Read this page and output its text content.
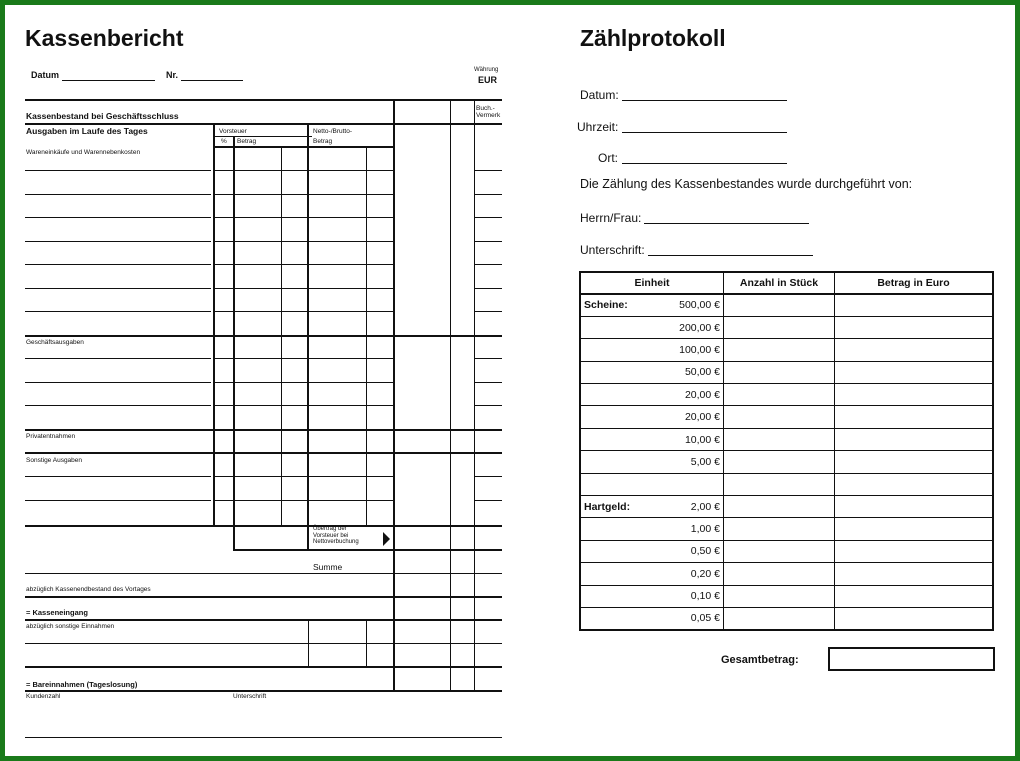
Kassenbericht
Datum	Nr.	Währung
EUR
Kassenbestand bei Geschäftsschluss
Buch.-
Vermerk
Ausgaben im Laufe des Tages	Vorsteuer
% Betrag
Netto-/Brutto-
Betrag
Wareneinkäufe und Warennebenkosten
Geschäftsausgaben
Privatentnahmen
Sonstige Ausgaben
Übertrag der Vorsteuer bei Nettoverbuchung
Summe
abzüglich Kassenendbestand des Vortages
= Kasseneingang
abzüglich sonstige Einnahmen
= Bareinnahmen (Tageslosung)
Kundenzahl	Unterschrift
Zählprotokoll
Datum:
Uhrzeit:
Ort:
Die Zählung des Kassenbestandes wurde durchgeführt von:
Herrn/Frau:
Unterschrift:
Einheit	Anzahl in Stück	Betrag in Euro

Scheine: 500,00 €		

200,00 €		

100,00 €		

50,00 €		

20,00 €		

20,00 €		

10,00 €		

5,00 €		

Hartgeld: 2,00 €		

1,00 €		

0,50 €		

0,20 €		

0,10 €		

0,05 €		

Gesamtbetrag:
